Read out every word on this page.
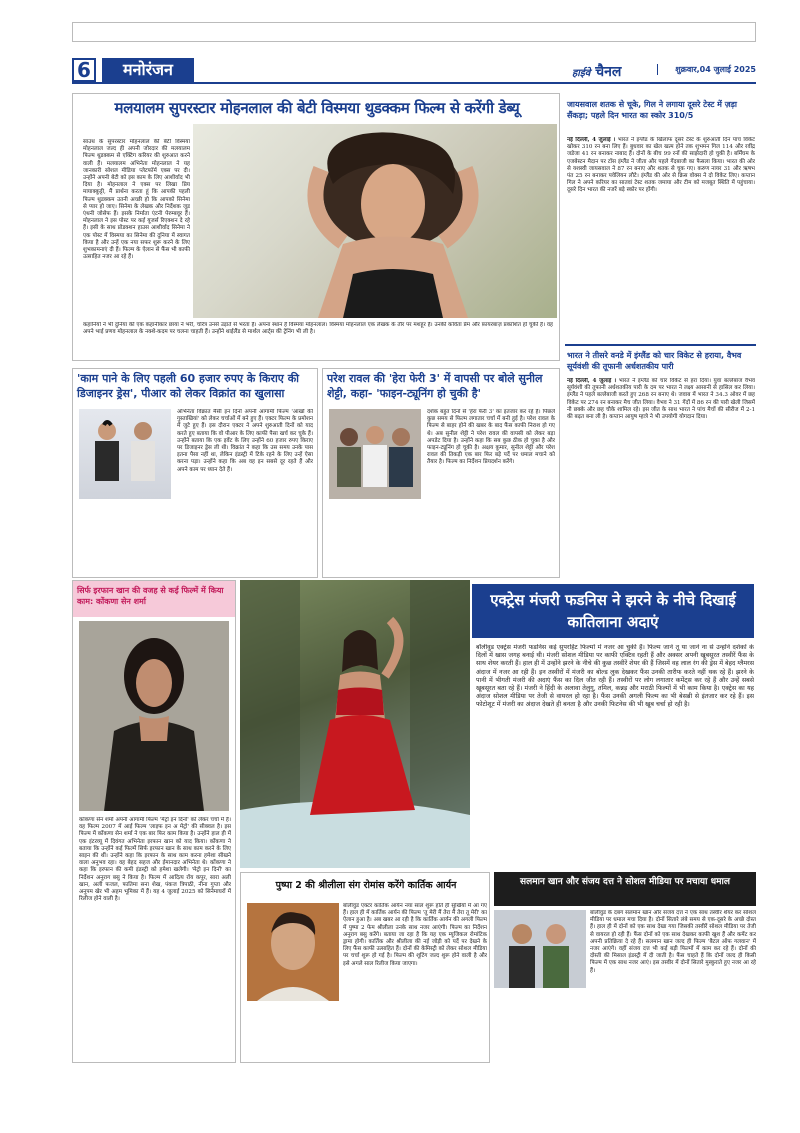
6	मनोरंजन	हाईवे चैनल	शुक्रवार,04 जुलाई 2025
मलयालम सुपरस्टार मोहनलाल की बेटी विस्मया थुडक्कम फिल्म से करेंगी डेब्यू
साउथ के सुपरस्टार मोहनलाल की बेटी विस्मया मोहनलाल जल्द ही अपनी जोरदार की मलयालम फिल्म थुडक्कम से एक्टिंग करियर की शुरुआत करने वाली हैं। मलयालम अभिनेता मोहनलाल ने यह जानकारी सोशल मीडिया प्लेटफॉर्म एक्स पर दी। उन्होंने अपनी बेटी को इस काम के लिए आशीर्वाद भी दिया है। मोहनलाल ने एक्स पर लिखा प्रिय मायाक्कुट्टी, मैं प्रार्थना करता हूं कि आपकी पहली फिल्म थुडक्कम उतनी अच्छी हो कि आपको सिनेमा से प्यार हो जाए। सिनेमा के लेखक और निर्देशक जूड एंथनी जोसेफ हैं। इसके निर्माता एंटनी पेरुम्बवूर हैं। मोहनलाल ने इस पोस्ट पर कई यूजर्स रिएक्शन दे रहे हैं। इसी के साथ प्रोडक्शन हाउस आशीर्वाद सिनेमा ने एक पोस्ट में विस्मया का सिनेमा की दुनिया में स्वागत किया है और उन्हें एक नया सफर शुरू करने के लिए शुभकामनाएं दी हैं। फिल्म के ऐलान से फैंस भी काफी उत्साहित नजर आ रहे हैं।
कहानियों ने भी दुनिया की एक कहानीकार छाया ने भरी, चरित्र उनसे उड़ाते से भरता है। अपना स्थान है विस्मया मोहनलाल। विस्मया मोहनलाल एक लेखक के तौर पर मशहूर हैं। उनकी कविता प्रेम और फ़ायरबाज़ प्रकाशित हो चुकी है। वह अपने भाई प्रणव मोहनलाल के नक्शे-कदम पर चलना चाहती हैं। उन्होंने थाईलैंड से मार्शल आर्ट्स की ट्रेनिंग भी ली है।
जायसवाल शतक से चूके, गिल ने लगाया दूसरे टेस्ट में ज़ड़ा सैंकड़ा; पहले दिन भारत का स्कोर 310/5
नई दिल्ली, 4 जुलाई । भारत ने इंग्लैंड के खिलाफ दूसरे टेस्ट के शुरुआती दिन पांच विकेट खोकर 310 रन बना लिए हैं। बुधवार का खेल खत्म होने तक शुभमन गिल 114 और रवींद्र जडेजा 41 रन बनाकर नाबाद हैं। दोनों के बीच 99 रनों की साझेदारी हो चुकी है। बर्मिंघम के एजबेस्टन मैदान पर टॉस इंग्लैंड ने जीता और पहले गेंदबाजी का फैसला किया। भारत की ओर से यशस्वी जायसवाल ने 87 रन बनाए और शतक से चूक गए। करुण नायर 31 और ऋषभ पंत 25 रन बनाकर पवेलियन लौटे। इंग्लैंड की ओर से क्रिस वोक्स ने दो विकेट लिए। कप्तान गिल ने अपने करियर का सातवां टेस्ट शतक जमाया और टीम को मजबूत स्थिति में पहुंचाया। दूसरे दिन भारत की नजरें बड़े स्कोर पर होंगी।
भारत ने तीसरे वनडे में इंग्लैंड को चार विकेट से हराया, वैभव सूर्यवंशी की तूफानी अर्धशतकीय पारी
नई दिल्ली, 4 जुलाई । भारत ने इंग्लैंड को चार विकेट से हरा दिया। युवा बल्लेबाज वैभव सूर्यवंशी की तूफानी अर्धशतकीय पारी के दम पर भारत ने लक्ष्य आसानी से हासिल कर लिया। इंग्लैंड ने पहले बल्लेबाजी करते हुए 268 रन बनाए थे। जवाब में भारत ने 34.3 ओवर में छह विकेट पर 274 रन बनाकर मैच जीत लिया। वैभव ने 31 गेंदों में 86 रन की पारी खेली जिसमें नौ छक्के और छह चौके शामिल रहे। इस जीत के साथ भारत ने पांच मैचों की सीरीज में 2-1 की बढ़त बना ली है। कप्तान आयुष म्हात्रे ने भी उपयोगी योगदान दिया।
'काम पाने के लिए पहली 60 हजार रुपए के किराए की डिजाइनर ड्रेस', पीआर को लेकर विक्रांत का खुलासा
अभिनेता विक्रांत मैसी इन दिनों अपनी आगामी फिल्म 'आंखों की गुस्ताखियां' को लेकर चर्चाओं में बने हुए हैं। एक्टर फिल्म के प्रमोशन में जुटे हुए हैं। इस दौरान एक्टर ने अपने शुरुआती दिनों को याद करते हुए बताया कि वो पीआर के लिए काफी पैसा खर्च कर चुके हैं। उन्होंने बताया कि एक इवेंट के लिए उन्होंने 60 हजार रुपए किराए पर डिजाइनर ड्रेस ली थी। विक्रांत ने कहा कि उस समय उनके पास इतना पैसा नहीं था, लेकिन इंडस्ट्री में टिके रहने के लिए उन्हें ऐसा करना पड़ा। उन्होंने कहा कि अब वह इन सबसे दूर रहते हैं और अपने काम पर ध्यान देते हैं।
परेश रावल की 'हेरा फेरी 3' में वापसी पर बोले सुनील शेट्टी, कहा- 'फाइन-ट्यूनिंग हो चुकी है'
दर्शक बहुत दिनों से 'हेरा फेरी 3' का इंतजार कर रहे हैं। पिछले कुछ समय से फिल्म लगातार चर्चा में बनी हुई है। परेश रावल के फिल्म से बाहर होने की खबर के बाद फैंस काफी निराश हो गए थे। अब सुनील शेट्टी ने परेश रावल की वापसी को लेकर बड़ा अपडेट दिया है। उन्होंने कहा कि सब कुछ ठीक हो चुका है और फाइन-ट्यूनिंग हो चुकी है। अक्षय कुमार, सुनील शेट्टी और परेश रावल की तिकड़ी एक बार फिर बड़े पर्दे पर धमाल मचाने को तैयार है। फिल्म का निर्देशन प्रियदर्शन करेंगे।
सिर्फ इरफान खान की वजह से कई फिल्में में किया काम: कोंकणा सेन शर्मा
कोंकणा सेन शर्मा अपनी आगामी फिल्म 'मेट्रो इन दिनों' को लेकर चर्चा में हैं। वह फिल्म 2007 में आई फिल्म 'लाइफ इन अ मेट्रो' की सीक्वल है। इस फिल्म में कोंकणा सेन शर्मा ने एक बार फिर काम किया है। उन्होंने हाल ही में एक इंटरव्यू में दिवंगत अभिनेता इरफान खान को याद किया। कोंकणा ने बताया कि उन्होंने कई फिल्में सिर्फ इरफान खान के साथ काम करने के लिए साइन की थीं। उन्होंने कहा कि इरफान के साथ काम करना हमेशा सीखने वाला अनुभव रहा। वह बेहद सहज और ईमानदार अभिनेता थे। कोंकणा ने कहा कि इरफान की कमी इंडस्ट्री को हमेशा खलेगी। 'मेट्रो इन दिनों' का निर्देशन अनुराग बसु ने किया है। फिल्म में आदित्य रॉय कपूर, सारा अली खान, अली फजल, फातिमा सना शेख, पंकज त्रिपाठी, नीना गुप्ता और अनुपम खेर भी अहम भूमिका में हैं। यह 4 जुलाई 2025 को सिनेमाघरों में रिलीज होने वाली है।
एक्ट्रेस मंजरी फडनिस ने झरने के नीचे दिखाई कातिलाना अदाएं
बॉलीवुड एक्ट्रेस मंजरी फडनिस कई सुपरहिट फिल्मों में नजर आ चुकी हैं। फिल्म जाने तू या जाने ना से उन्होंने दर्शकों के दिलों में खास जगह बनाई थी। मंजरी सोशल मीडिया पर काफी एक्टिव रहती हैं और अक्सर अपनी खूबसूरत तस्वीरें फैंस के साथ शेयर करती हैं। हाल ही में उन्होंने झरने के नीचे की कुछ तस्वीरें शेयर की हैं जिसमें वह लाल रंग की ड्रेस में बेहद ग्लैमरस अंदाज में नजर आ रही हैं। इन तस्वीरों में मंजरी का बोल्ड लुक देखकर फैंस उनकी तारीफ करते नहीं थक रहे हैं। झरने के पानी में भीगती मंजरी की अदाएं फैंस का दिल जीत रही हैं। तस्वीरों पर लोग लगातार कमेंट्स कर रहे हैं और उन्हें सबसे खूबसूरत बता रहे हैं। मंजरी ने हिंदी के अलावा तेलुगु, तमिल, कन्नड़ और मराठी फिल्मों में भी काम किया है। एक्ट्रेस का यह अंदाज सोशल मीडिया पर तेजी से वायरल हो रहा है। फैंस उनकी अगली फिल्म का भी बेसब्री से इंतजार कर रहे हैं। इस फोटोशूट में मंजरी का अंदाज देखते ही बनता है और उनकी फिटनेस की भी खूब चर्चा हो रही है।
पुष्पा 2 की श्रीलीला संग रोमांस करेंगे कार्तिक आर्यन
बॉलीवुड एक्टर कार्तिक आर्यन नया साल शुरू होते ही सुर्खियों में आ गए हैं। हाल ही में कार्तिक आर्यन की फिल्म 'तू मेरी मैं तेरा मैं तेरा तू मेरी' का ऐलान हुआ है। अब खबर आ रही है कि कार्तिक आर्यन की अगली फिल्म में पुष्पा 2 फेम श्रीलीला उनके साथ नजर आएंगी। फिल्म का निर्देशन अनुराग बसु करेंगे। बताया जा रहा है कि यह एक म्यूजिकल रोमांटिक ड्रामा होगी। कार्तिक और श्रीलीला की नई जोड़ी को पर्दे पर देखने के लिए फैंस काफी उत्साहित हैं। दोनों की केमिस्ट्री को लेकर सोशल मीडिया पर चर्चा शुरू हो गई है। फिल्म की शूटिंग जल्द शुरू होने वाली है और इसे अगले साल रिलीज किया जाएगा।
सलमान खान और संजय दत्त ने सोशल मीडिया पर मचाया धमाल
बॉलीवुड के दबंग सलमान खान और संजय दत्त ने एक साथ तस्वीर शेयर कर सोशल मीडिया पर धमाल मचा दिया है। दोनों सितारे लंबे समय से एक-दूसरे के अच्छे दोस्त हैं। हाल ही में दोनों को एक साथ देखा गया जिसकी तस्वीरें सोशल मीडिया पर तेजी से वायरल हो रही हैं। फैंस दोनों को एक साथ देखकर काफी खुश हैं और कमेंट कर अपनी प्रतिक्रिया दे रहे हैं। सलमान खान जल्द ही फिल्म 'बैटल ऑफ गलवान' में नजर आएंगे। वहीं संजय दत्त भी कई बड़ी फिल्मों में काम कर रहे हैं। दोनों की दोस्ती की मिसाल इंडस्ट्री में दी जाती है। फैंस चाहते हैं कि दोनों जल्द ही किसी फिल्म में एक साथ नजर आएं। इस तस्वीर में दोनों सितारे मुस्कुराते हुए नजर आ रहे हैं।
